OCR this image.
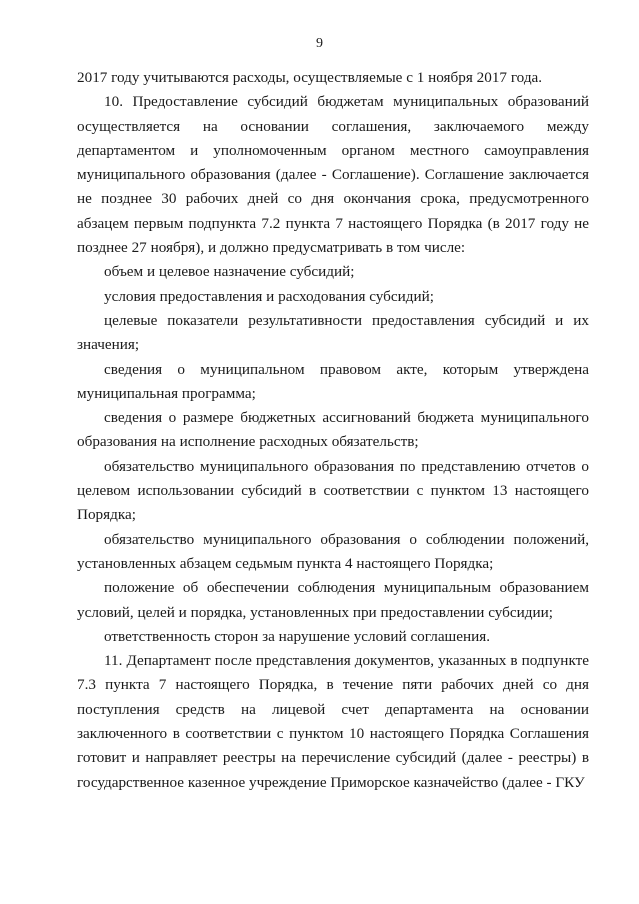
9

2017 году учитываются расходы, осуществляемые с 1 ноября 2017 года.

10. Предоставление субсидий бюджетам муниципальных образований осуществляется на основании соглашения, заключаемого между департаментом и уполномоченным органом местного самоуправления муниципального образования (далее - Соглашение). Соглашение заключается не позднее 30 рабочих дней со дня окончания срока, предусмотренного абзацем первым подпункта 7.2 пункта 7 настоящего Порядка (в 2017 году не позднее 27 ноября), и должно предусматривать в том числе:

объем и целевое назначение субсидий;

условия предоставления и расходования субсидий;

целевые показатели результативности предоставления субсидий и их значения;

сведения о муниципальном правовом акте, которым утверждена муниципальная программа;

сведения о размере бюджетных ассигнований бюджета муниципального образования на исполнение расходных обязательств;

обязательство муниципального образования по представлению отчетов о целевом использовании субсидий в соответствии с пунктом 13 настоящего Порядка;

обязательство муниципального образования о соблюдении положений, установленных абзацем седьмым пункта 4 настоящего Порядка;

положение об обеспечении соблюдения муниципальным образованием условий, целей и порядка, установленных при предоставлении субсидии;

ответственность сторон за нарушение условий соглашения.

11. Департамент после представления документов, указанных в подпункте 7.3 пункта 7 настоящего Порядка, в течение пяти рабочих дней со дня поступления средств на лицевой счет департамента на основании заключенного в соответствии с пунктом 10 настоящего Порядка Соглашения готовит и направляет реестры на перечисление субсидий (далее - реестры) в государственное казенное учреждение Приморское казначейство (далее - ГКУ
